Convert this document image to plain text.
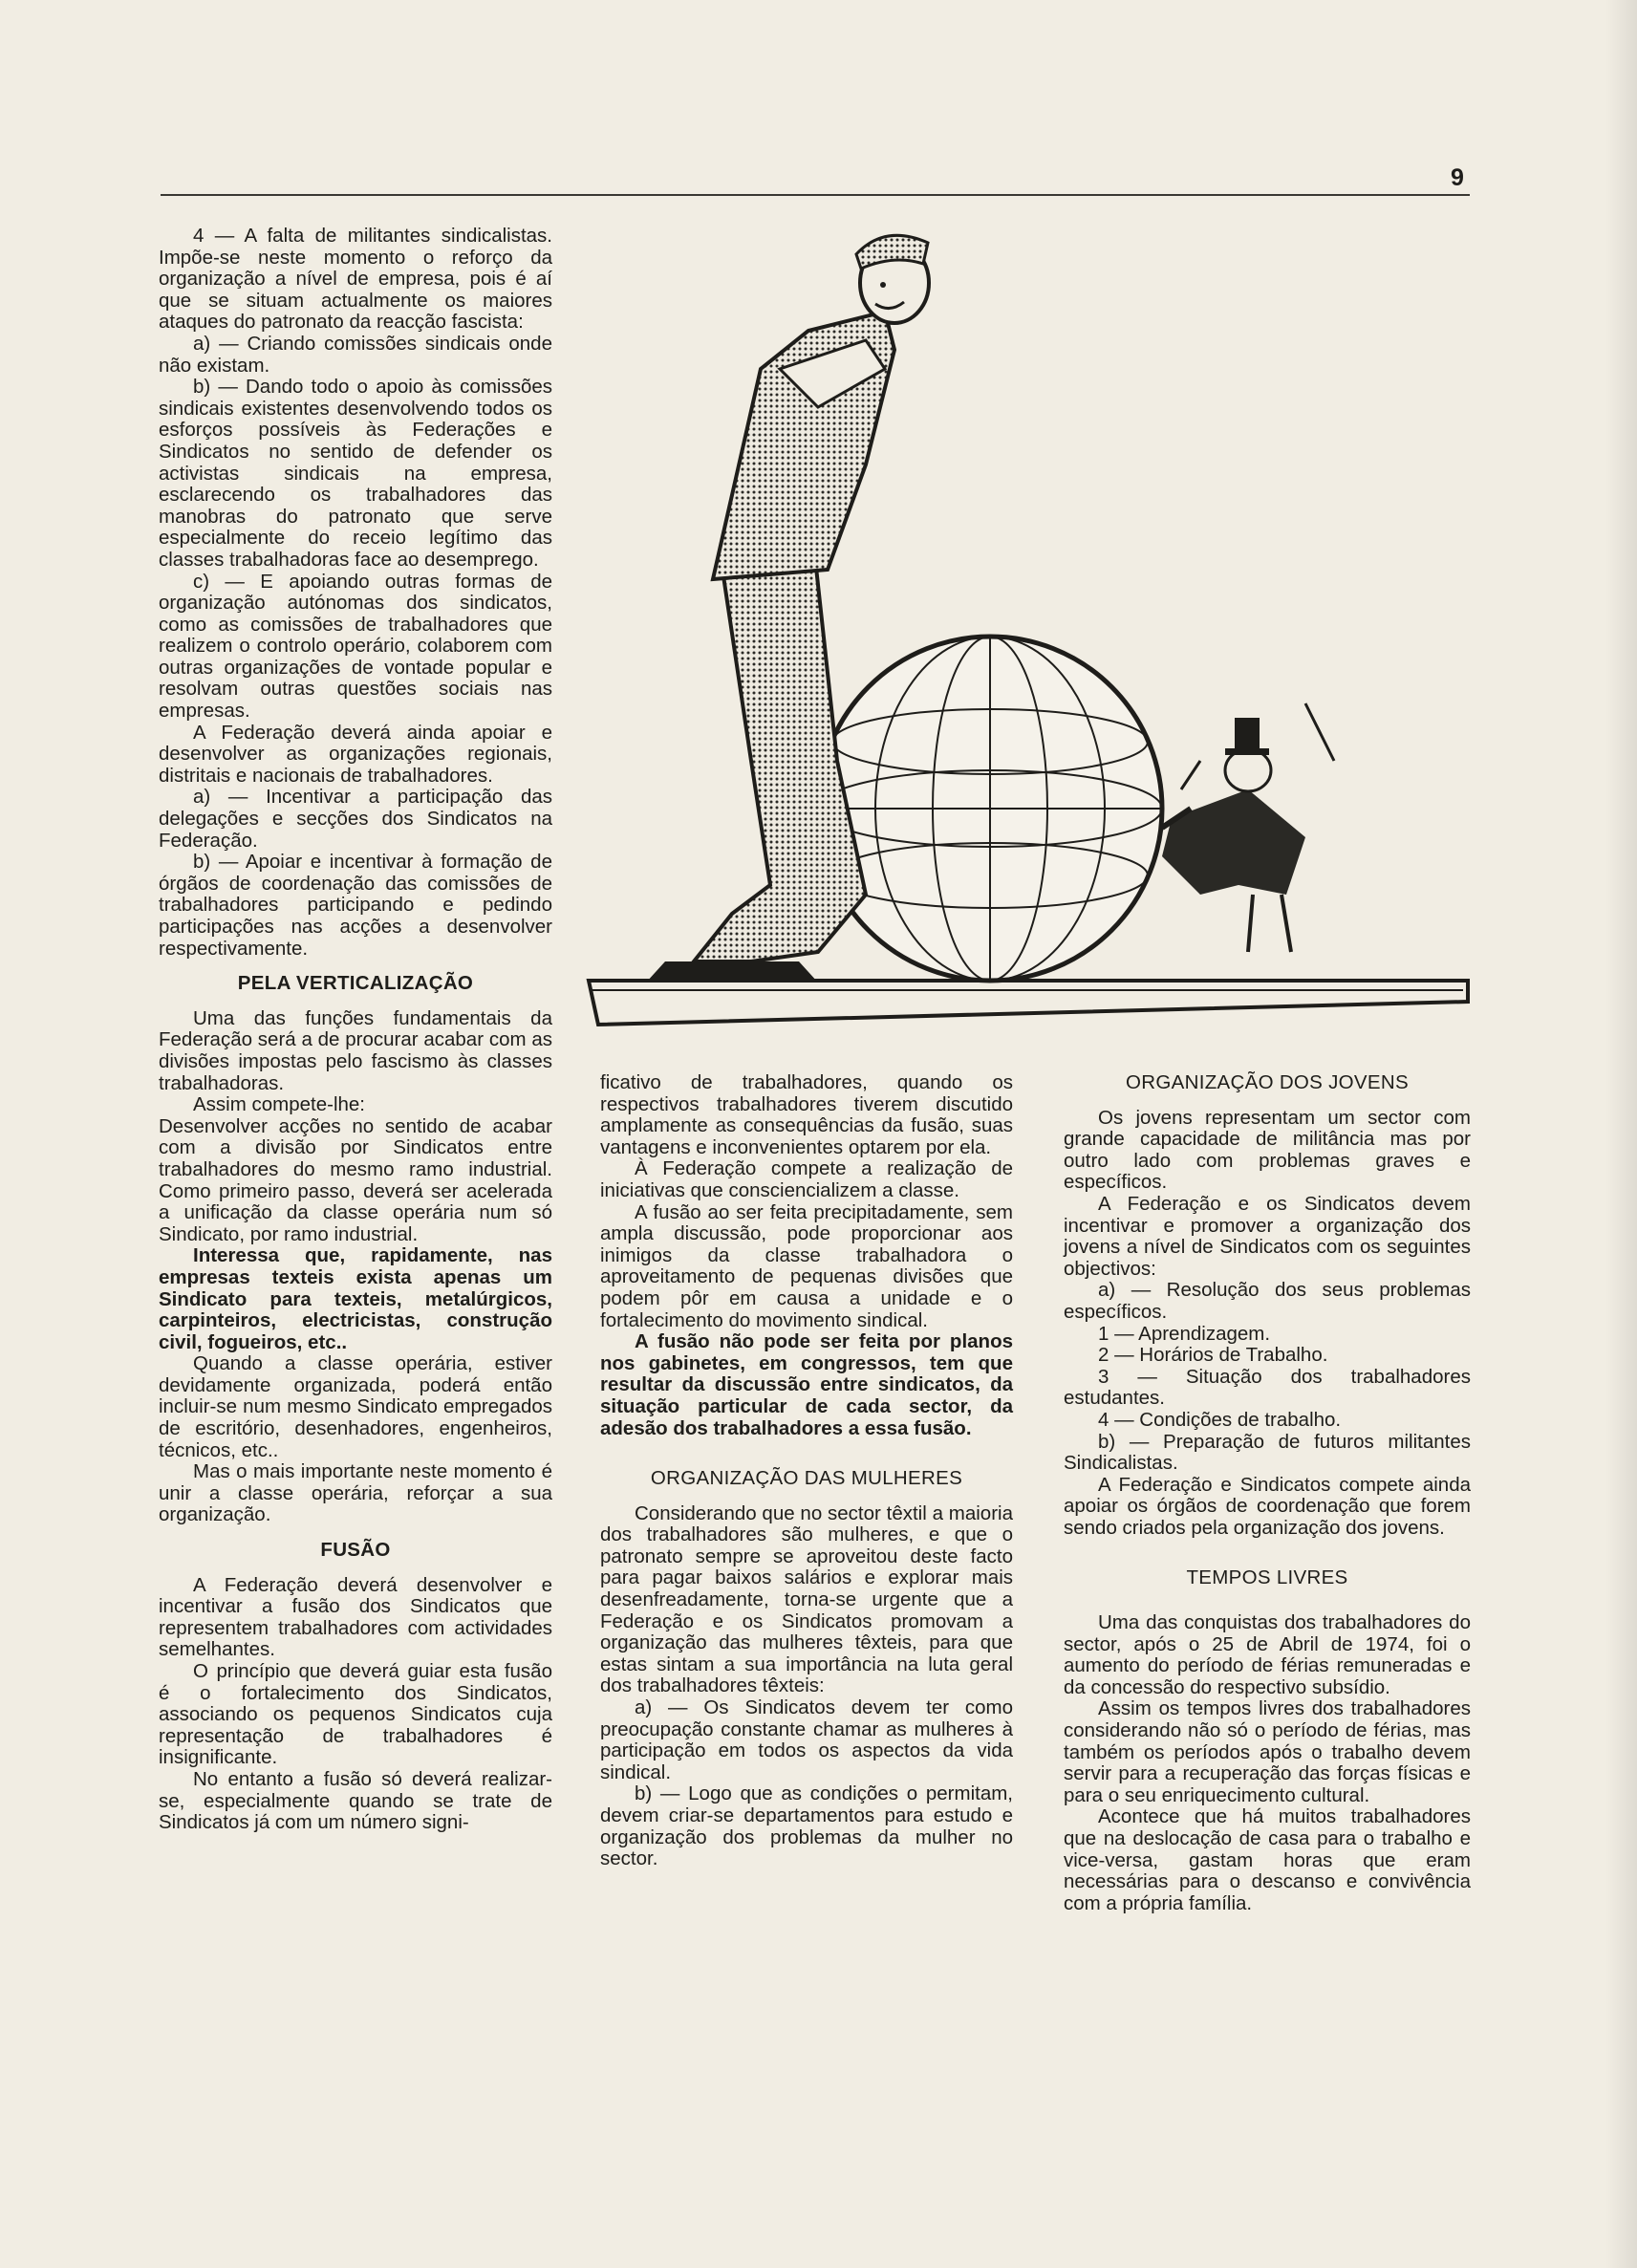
9

4 — A falta de militantes sindicalistas. Impõe-se neste momento o reforço da organização a nível de empresa, pois é aí que se situam actualmente os maiores ataques do patronato da reacção fascista:

a) — Criando comissões sindicais onde não existam.

b) — Dando todo o apoio às comissões sindicais existentes desenvolvendo todos os esforços possíveis às Federações e Sindicatos no sentido de defender os activistas sindicais na empresa, esclarecendo os trabalhadores das manobras do patronato que serve especialmente do receio legítimo das classes trabalhadoras face ao desemprego.

c) — E apoiando outras formas de organização autónomas dos sindicatos, como as comissões de trabalhadores que realizem o controlo operário, colaborem com outras organizações de vontade popular e resolvam outras questões sociais nas empresas.

A Federação deverá ainda apoiar e desenvolver as organizações regionais, distritais e nacionais de trabalhadores.

a) — Incentivar a participação das delegações e secções dos Sindicatos na Federação.

b) — Apoiar e incentivar à formação de órgãos de coordenação das comissões de trabalhadores participando e pedindo participações nas acções a desenvolver respectivamente.

PELA VERTICALIZAÇÃO

Uma das funções fundamentais da Federação será a de procurar acabar com as divisões impostas pelo fascismo às classes trabalhadoras.

Assim compete-lhe:

Desenvolver acções no sentido de acabar com a divisão por Sindicatos entre trabalhadores do mesmo ramo industrial. Como primeiro passo, deverá ser acelerada a unificação da classe operária num só Sindicato, por ramo industrial.

Interessa que, rapidamente, nas empresas texteis exista apenas um Sindicato para texteis, metalúrgicos, carpinteiros, electricistas, construção civil, fogueiros, etc..

Quando a classe operária, estiver devidamente organizada, poderá então incluir-se num mesmo Sindicato empregados de escritório, desenhadores, engenheiros, técnicos, etc..

Mas o mais importante neste momento é unir a classe operária, reforçar a sua organização.

FUSÃO

A Federação deverá desenvolver e incentivar a fusão dos Sindicatos que representem trabalhadores com actividades semelhantes.

O princípio que deverá guiar esta fusão é o fortalecimento dos Sindicatos, associando os pequenos Sindicatos cuja representação de trabalhadores é insignificante.

No entanto a fusão só deverá realizar-se, especialmente quando se trate de Sindicatos já com um número signi-

ficativo de trabalhadores, quando os respectivos trabalhadores tiverem discutido amplamente as consequências da fusão, suas vantagens e inconvenientes optarem por ela.

À Federação compete a realização de iniciativas que consciencializem a classe.

A fusão ao ser feita precipitadamente, sem ampla discussão, pode proporcionar aos inimigos da classe trabalhadora o aproveitamento de pequenas divisões que podem pôr em causa a unidade e o fortalecimento do movimento sindical.

A fusão não pode ser feita por planos nos gabinetes, em congressos, tem que resultar da discussão entre sindicatos, da situação particular de cada sector, da adesão dos trabalhadores a essa fusão.

ORGANIZAÇÃO DAS MULHERES

Considerando que no sector têxtil a maioria dos trabalhadores são mulheres, e que o patronato sempre se aproveitou deste facto para pagar baixos salários e explorar mais desenfreadamente, torna-se urgente que a Federação e os Sindicatos promovam a organização das mulheres têxteis, para que estas sintam a sua importância na luta geral dos trabalhadores têxteis:

a) — Os Sindicatos devem ter como preocupação constante chamar as mulheres à participação em todos os aspectos da vida sindical.

b) — Logo que as condições o permitam, devem criar-se departamentos para estudo e organização dos problemas da mulher no sector.

ORGANIZAÇÃO DOS JOVENS

Os jovens representam um sector com grande capacidade de militância mas por outro lado com problemas graves e específicos.

A Federação e os Sindicatos devem incentivar e promover a organização dos jovens a nível de Sindicatos com os seguintes objectivos:

a) — Resolução dos seus problemas específicos.

1 — Aprendizagem.

2 — Horários de Trabalho.

3 — Situação dos trabalhadores estudantes.

4 — Condições de trabalho.

b) — Preparação de futuros militantes Sindicalistas.

A Federação e Sindicatos compete ainda apoiar os órgãos de coordenação que forem sendo criados pela organização dos jovens.

TEMPOS LIVRES

Uma das conquistas dos trabalhadores do sector, após o 25 de Abril de 1974, foi o aumento do período de férias remuneradas e da concessão do respectivo subsídio.

Assim os tempos livres dos trabalhadores considerando não só o período de férias, mas também os períodos após o trabalho devem servir para a recuperação das forças físicas e para o seu enriquecimento cultural.

Acontece que há muitos trabalhadores que na deslocação de casa para o trabalho e vice-versa, gastam horas que eram necessárias para o descanso e convivência com a própria família.
